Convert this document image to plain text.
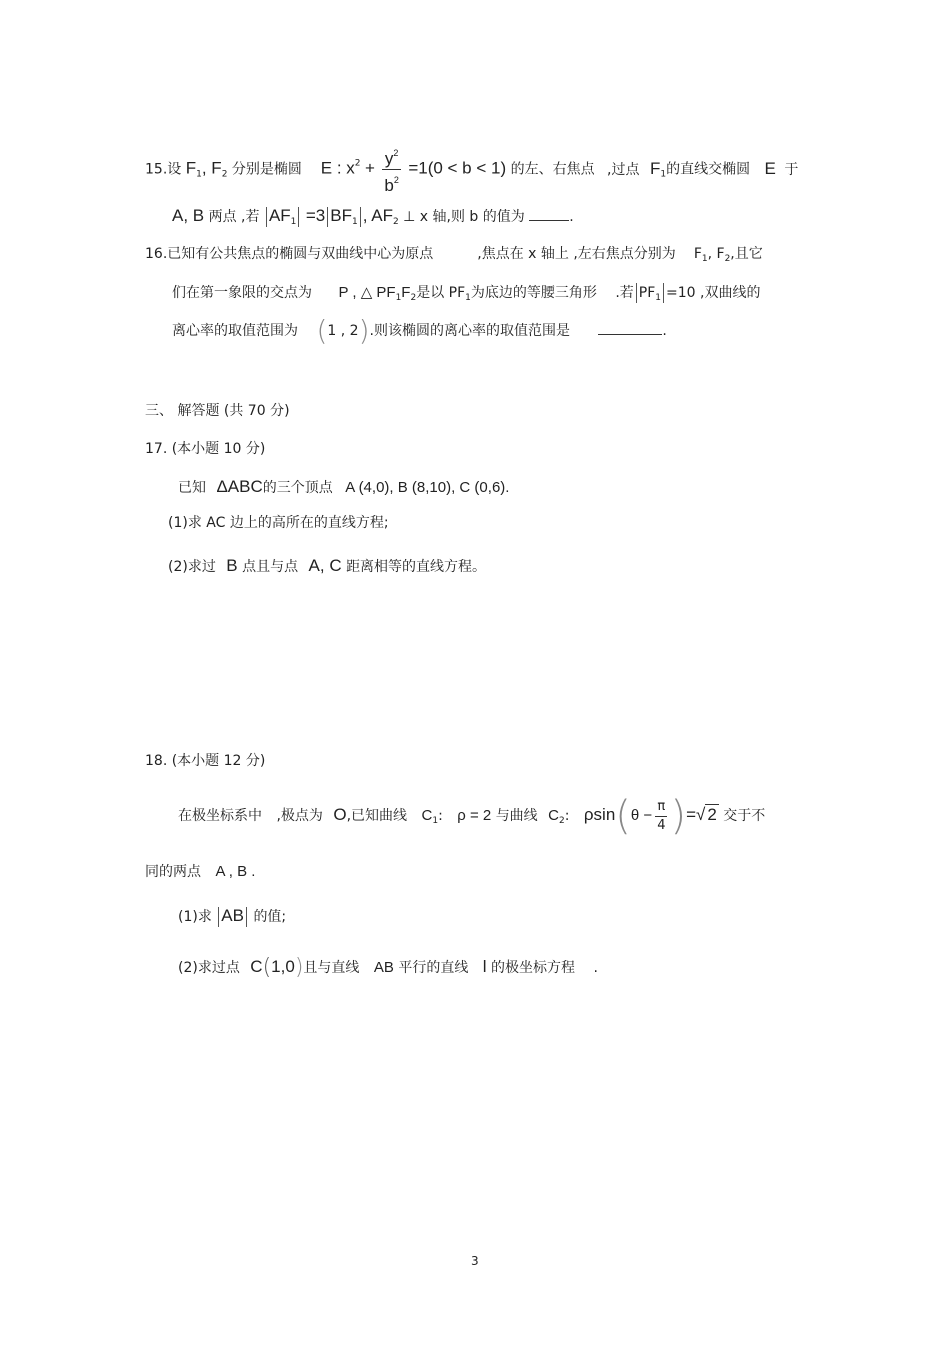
15.设 $F_1$, $F_2$ 分别是椭圆 E : $x^2 + \frac{y^2}{b^2} =1(0 < b < 1)$ 的左、右焦点 ,过点 $F_1$的直线交椭圆 E 于
A, B 两点 ,若 $AF_1 =3$ $BF_1$ , $AF_2$ ⊥ x 轴,则 b 的值为	.
16.已知有公共焦点的椭圆与双曲线中心为原点	,焦点在 x 轴上 ,左右焦点分别为 $F_1$, $F_2$,且它
们在第一象限的交点为 P , △ $PF_1F_2$是以 $PF_1$为底边的等腰三角形 .若 $PF_1 =10$ ,双曲线的
离心率的取值范围为 (1 , 2).则该椭圆的离心率的取值范围是	.
三、 解答题 (共 70 分)
17. (本小题 10 分)
已知 ΔABC的三个顶点 A (4,0), B (8,10), C (0,6).
(1)求 AC 边上的高所在的直线方程;
(2)求过 B 点且与点 A, C 距离相等的直线方程。
18. (本小题 12 分)
在极坐标系中 ,极点为 O,已知曲线 $C_1$: ρ = 2 与曲线 $C_2$: $\rho\sin(\theta - \frac{\pi}{4}$ )=√ 2 交于不
同的两点 A , B .
(1)求 AB 的值;
(2)求过点 C(1,0)且与直线 AB 平行的直线 l 的极坐标方程 .
3
